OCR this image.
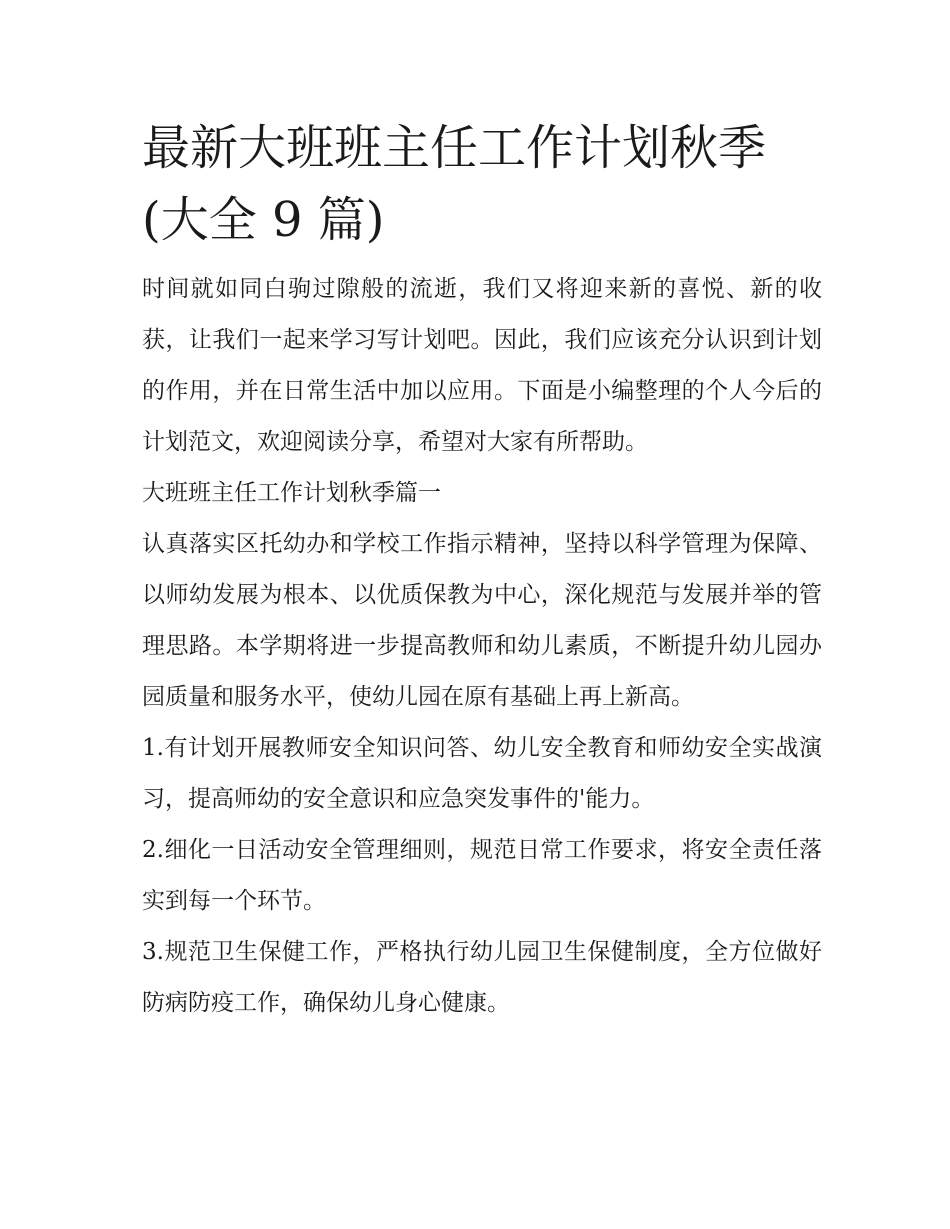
最新大班班主任工作计划秋季(大全 9 篇)

时间就如同白驹过隙般的流逝，我们又将迎来新的喜悦、新的收获，让我们一起来学习写计划吧。因此，我们应该充分认识到计划的作用，并在日常生活中加以应用。下面是小编整理的个人今后的计划范文，欢迎阅读分享，希望对大家有所帮助。

大班班主任工作计划秋季篇一

认真落实区托幼办和学校工作指示精神，坚持以科学管理为保障、以师幼发展为根本、以优质保教为中心，深化规范与发展并举的管理思路。本学期将进一步提高教师和幼儿素质，不断提升幼儿园办园质量和服务水平，使幼儿园在原有基础上再上新高。

1.有计划开展教师安全知识问答、幼儿安全教育和师幼安全实战演习，提高师幼的安全意识和应急突发事件的'能力。

2.细化一日活动安全管理细则，规范日常工作要求，将安全责任落实到每一个环节。

3.规范卫生保健工作，严格执行幼儿园卫生保健制度，全方位做好防病防疫工作，确保幼儿身心健康。
